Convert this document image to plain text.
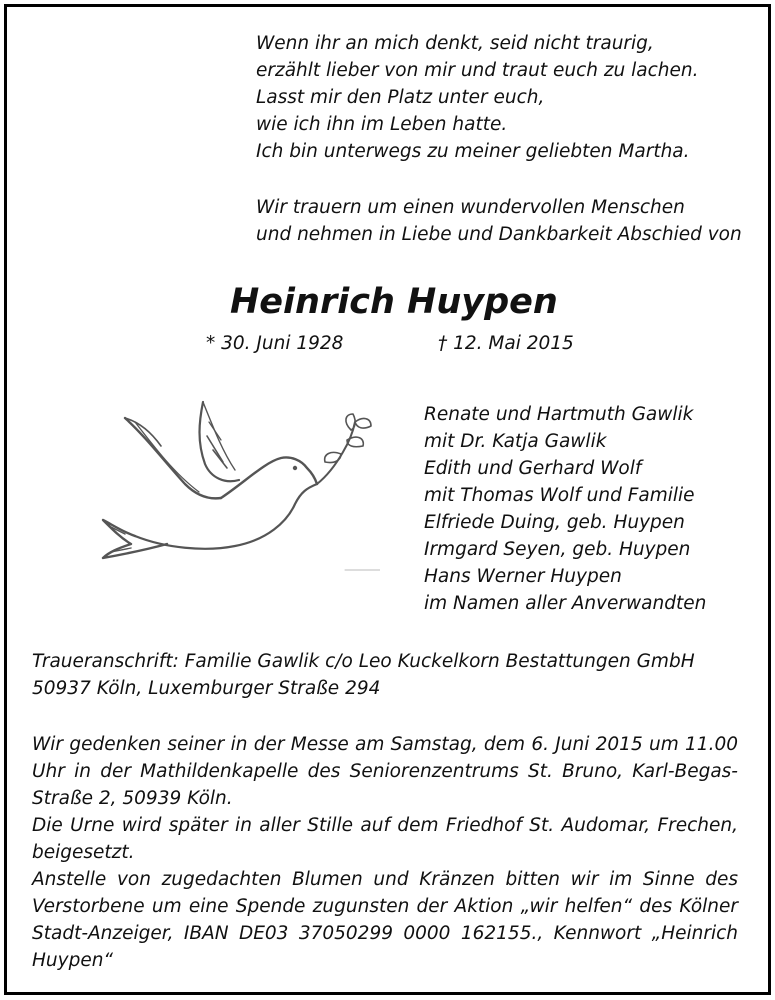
Wenn ihr an mich denkt, seid nicht traurig,
erzählt lieber von mir und traut euch zu lachen.
Lasst mir den Platz unter euch,
wie ich ihn im Leben hatte.
Ich bin unterwegs zu meiner geliebten Martha.
Wir trauern um einen wundervollen Menschen
und nehmen in Liebe und Dankbarkeit Abschied von
Heinrich Huypen
* 30. Juni 1928	† 12. Mai 2015
Renate und Hartmuth Gawlik
mit Dr. Katja Gawlik
Edith und Gerhard Wolf
mit Thomas Wolf und Familie
Elfriede Duing, geb. Huypen
Irmgard Seyen, geb. Huypen
Hans Werner Huypen
im Namen aller Anverwandten
Traueranschrift: Familie Gawlik c/o Leo Kuckelkorn Bestattungen GmbH
50937 Köln, Luxemburger Straße 294

Wir gedenken seiner in der Messe am Samstag, dem 6. Juni 2015 um 11.00 Uhr in der Mathildenkapelle des Seniorenzentrums St. Bruno, Karl-Begas-Straße 2, 50939 Köln.

Die Urne wird später in aller Stille auf dem Friedhof St. Audomar, Frechen, beigesetzt.

Anstelle von zugedachten Blumen und Kränzen bitten wir im Sinne des Verstorbene um eine Spende zugunsten der Aktion „wir helfen“ des Kölner Stadt-Anzeiger, IBAN DE03 37050299 0000 162155., Kennwort „Heinrich Huypen“
